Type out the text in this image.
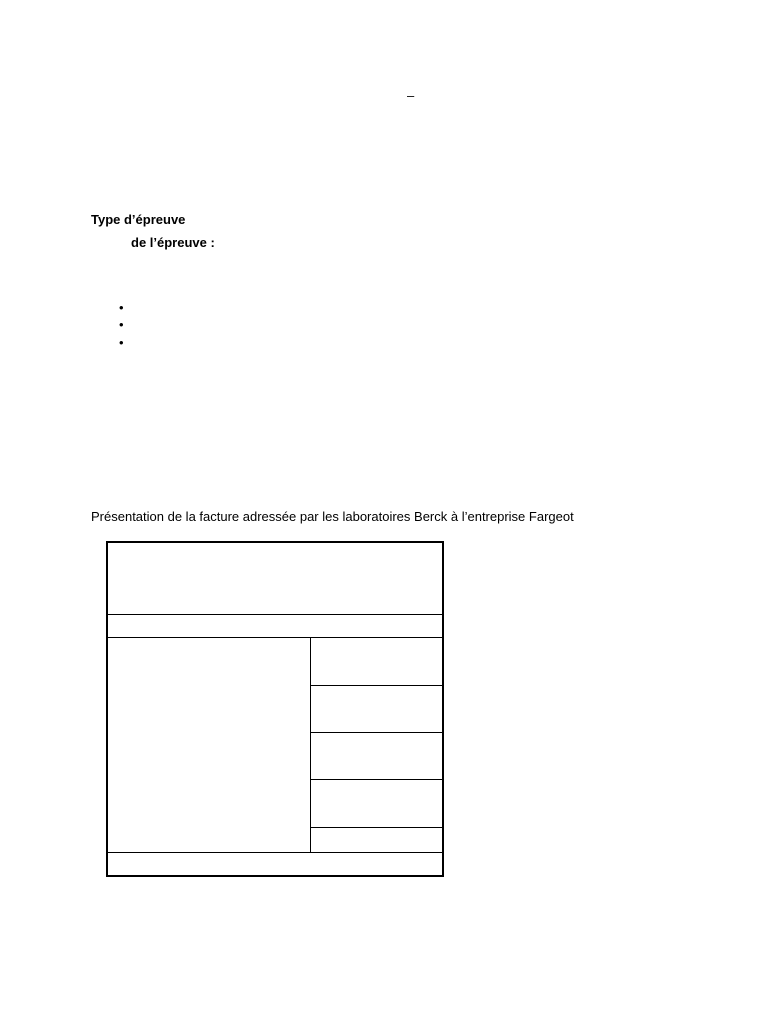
–
Type d’épreuve
de l’épreuve :
•
•
•
Présentation de la facture adressée par les laboratoires Berck à l’entreprise Fargeot
